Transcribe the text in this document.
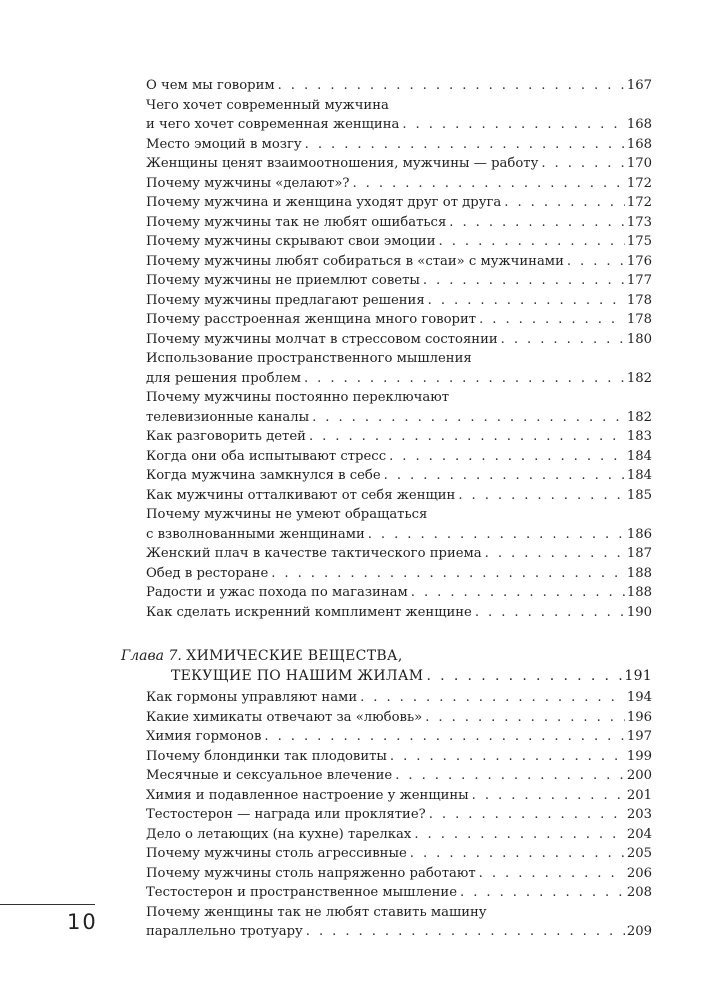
О чем мы говорим . . .	167
Чего хочет современный мужчина
и чего хочет современная женщина . . .	168
Место эмоций в мозгу . . .	168
Женщины ценят взаимоотношения, мужчины — работу . . .	170
Почему мужчины «делают»? . . .	172
Почему мужчина и женщина уходят друг от друга . . .	172
Почему мужчины так не любят ошибаться . . .	173
Почему мужчины скрывают свои эмоции . . .	175
Почему мужчины любят собираться в «стаи» с мужчинами . . .	176
Почему мужчины не приемлют советы . . .	177
Почему мужчины предлагают решения . . .	178
Почему расстроенная женщина много говорит . . .	178
Почему мужчины молчат в стрессовом состоянии . . .	180
Использование пространственного мышления
для решения проблем . . .	182
Почему мужчины постоянно переключают
телевизионные каналы . . .	182
Как разговорить детей . . .	183
Когда они оба испытывают стресс . . .	184
Когда мужчина замкнулся в себе . . .	184
Как мужчины отталкивают от себя женщин . . .	185
Почему мужчины не умеют обращаться
с взволнованными женщинами . . .	186
Женский плач в качестве тактического приема . . .	187
Обед в ресторане . . .	188
Радости и ужас похода по магазинам . . .	188
Как сделать искренний комплимент женщине . . .	190
Глава 7. ХИМИЧЕСКИЕ ВЕЩЕСТВА,
ТЕКУЩИЕ ПО НАШИМ ЖИЛАМ . . .	191
Как гормоны управляют нами . . .	194
Какие химикаты отвечают за «любовь» . . .	196
Химия гормонов . . .	197
Почему блондинки так плодовиты . . .	199
Месячные и сексуальное влечение . . .	200
Химия и подавленное настроение у женщины . . .	201
Тестостерон — награда или проклятие? . . .	203
Дело о летающих (на кухне) тарелках . . .	204
Почему мужчины столь агрессивные . . .	205
Почему мужчины столь напряженно работают . . .	206
Тестостерон и пространственное мышление . . .	208
Почему женщины так не любят ставить машину
параллельно тротуару . . .	209
10
